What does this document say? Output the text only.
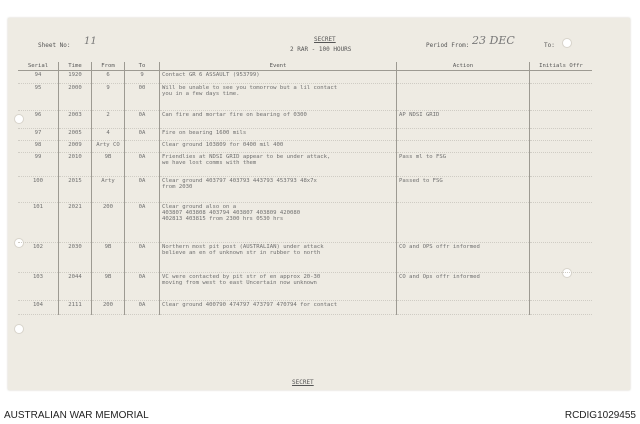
Sheet No: 11	SECRET
2 RAR - 100 HOURS
Period From: 23 DEC	To:
Serial	Time	From	To	Event	Action	Initials Offr
94	1920	6	9	Contact GR 6 ASSAULT (953799)		
95	2000	9	00	Will be unable to see you tomorrow but a lil contact
you in a few days time.		
96	2003	2	0A	Can fire and mortar fire on bearing of 0300	AP NDSI GRID	
97	2005	4	0A	Fire on bearing 1600 mils		
98	2009	Arty CO		Clear ground 103809 for 0400 mil 400		
99	2010	9B	0A	Friendlies at NDSI GRID appear to be under attack,
we have lost comms with them	Pass ml to FSG	
100	2015	Arty	0A	Clear ground 403797 403793 443793 453793 48x7x
from 2030	Passed to FSG	
101	2021	200	0A	Clear ground also on a
403807 403808 403794 403807 403809 420080
402813 403815 from 2300 hrs 0530 hrs		
102	2030	9B	0A	Northern most pit post (AUSTRALIAN) under attack
believe an en of unknown str in rubber to north	CO and OPS offr informed	
103	2044	9B	0A	VC were contacted by pit str of en approx 20-30
moving from west to east Uncertain now unknown	CO and Ops offr informed	
104	2111	200	0A	Clear ground 400790 474797 473797 470794 for contact		
SECRET
AUSTRALIAN WAR MEMORIAL	RCDIG1029455
